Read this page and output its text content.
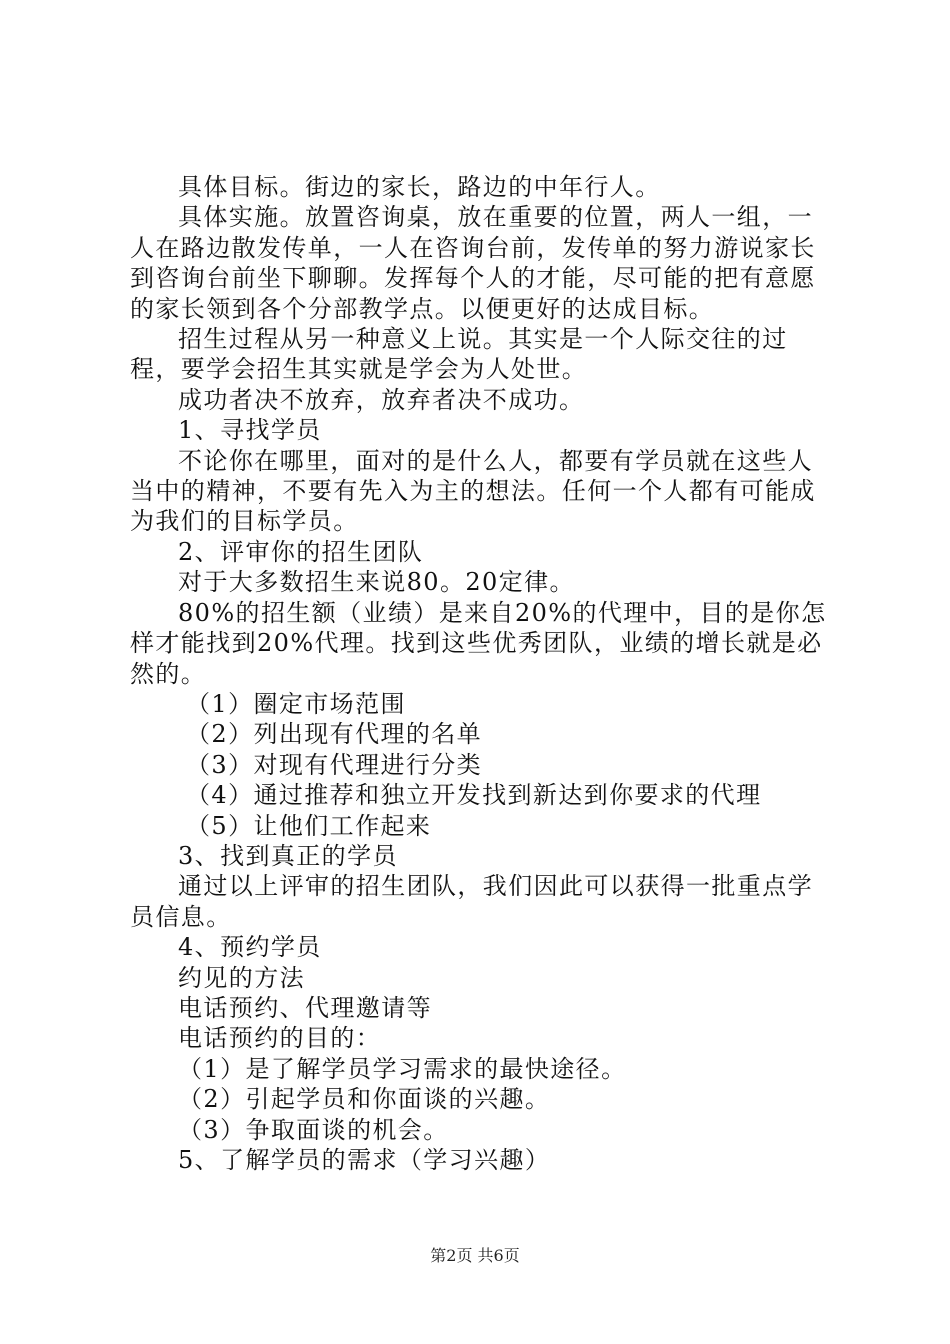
具体目标。街边的家长，路边的中年行人。

具体实施。放置咨询桌，放在重要的位置，两人一组，一人在路边散发传单，一人在咨询台前，发传单的努力游说家长到咨询台前坐下聊聊。发挥每个人的才能，尽可能的把有意愿的家长领到各个分部教学点。以便更好的达成目标。

招生过程从另一种意义上说。其实是一个人际交往的过程，要学会招生其实就是学会为人处世。

成功者决不放弃，放弃者决不成功。

1、寻找学员

不论你在哪里，面对的是什么人，都要有学员就在这些人当中的精神，不要有先入为主的想法。任何一个人都有可能成为我们的目标学员。

2、评审你的招生团队

对于大多数招生来说80。20定律。

80%的招生额（业绩）是来自20%的代理中，目的是你怎样才能找到20%代理。找到这些优秀团队，业绩的增长就是必然的。

（1）圈定市场范围

（2）列出现有代理的名单

（3）对现有代理进行分类

（4）通过推荐和独立开发找到新达到你要求的代理

（5）让他们工作起来

3、找到真正的学员

通过以上评审的招生团队，我们因此可以获得一批重点学员信息。

4、预约学员

约见的方法

电话预约、代理邀请等

电话预约的目的：

（1）是了解学员学习需求的最快途径。

（2）引起学员和你面谈的兴趣。

（3）争取面谈的机会。

5、了解学员的需求（学习兴趣）

第2页 共6页
